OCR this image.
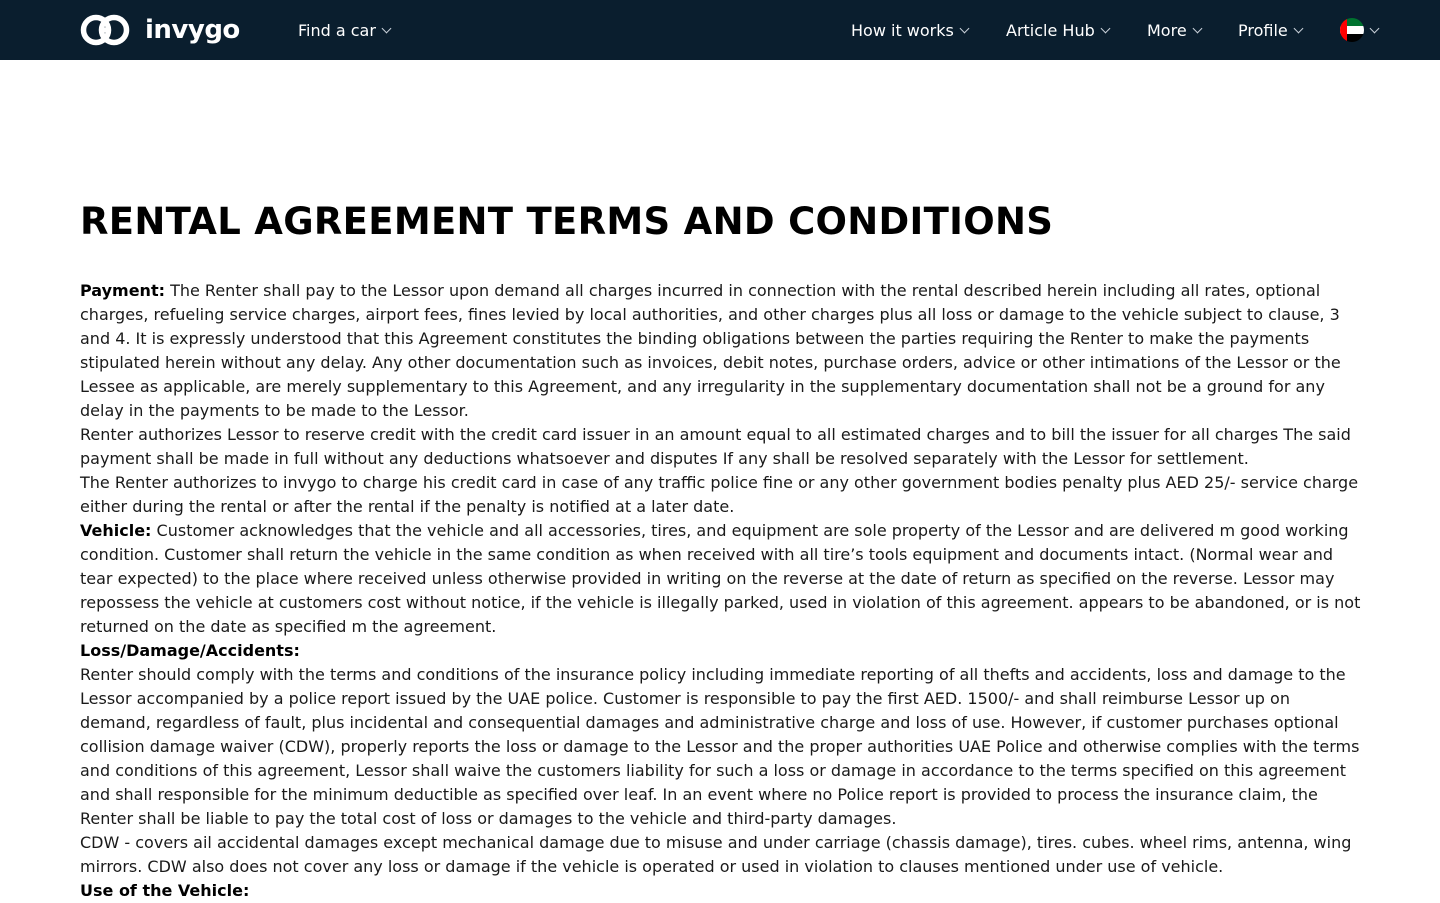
invygo	Find a car	How it works	Article Hub	More	Profile
RENTAL AGREEMENT TERMS AND CONDITIONS

Payment: The Renter shall pay to the Lessor upon demand all charges incurred in connection with the rental described herein including all rates, optional charges, refueling service charges, airport fees, fines levied by local authorities, and other charges plus all loss or damage to the vehicle subject to clause, 3 and 4. It is expressly understood that this Agreement constitutes the binding obligations between the parties requiring the Renter to make the payments stipulated herein without any delay. Any other documentation such as invoices, debit notes, purchase orders, advice or other intimations of the Lessor or the Lessee as applicable, are merely supplementary to this Agreement, and any irregularity in the supplementary documentation shall not be a ground for any delay in the payments to be made to the Lessor.

Renter authorizes Lessor to reserve credit with the credit card issuer in an amount equal to all estimated charges and to bill the issuer for all charges The said payment shall be made in full without any deductions whatsoever and disputes If any shall be resolved separately with the Lessor for settlement.

The Renter authorizes to invygo to charge his credit card in case of any traffic police fine or any other government bodies penalty plus AED 25/- service charge either during the rental or after the rental if the penalty is notified at a later date.

Vehicle: Customer acknowledges that the vehicle and all accessories, tires, and equipment are sole property of the Lessor and are delivered m good working condition. Customer shall return the vehicle in the same condition as when received with all tire’s tools equipment and documents intact. (Normal wear and tear expected) to the place where received unless otherwise provided in writing on the reverse at the date of return as specified on the reverse. Lessor may repossess the vehicle at customers cost without notice, if the vehicle is illegally parked, used in violation of this agreement. appears to be abandoned, or is not returned on the date as specified m the agreement.

Loss/Damage/Accidents:

Renter should comply with the terms and conditions of the insurance policy including immediate reporting of all thefts and accidents, loss and damage to the Lessor accompanied by a police report issued by the UAE police. Customer is responsible to pay the first AED. 1500/- and shall reimburse Lessor up on demand, regardless of fault, plus incidental and consequential damages and administrative charge and loss of use. However, if customer purchases optional collision damage waiver (CDW), properly reports the loss or damage to the Lessor and the proper authorities UAE Police and otherwise complies with the terms and conditions of this agreement, Lessor shall waive the customers liability for such a loss or damage in accordance to the terms specified on this agreement and shall responsible for the minimum deductible as specified over leaf. In an event where no Police report is provided to process the insurance claim, the Renter shall be liable to pay the total cost of loss or damages to the vehicle and third-party damages.

CDW - covers ail accidental damages except mechanical damage due to misuse and under carriage (chassis damage), tires. cubes. wheel rims, antenna, wing mirrors. CDW also does not cover any loss or damage if the vehicle is operated or used in violation to clauses mentioned under use of vehicle.

Use of the Vehicle:
